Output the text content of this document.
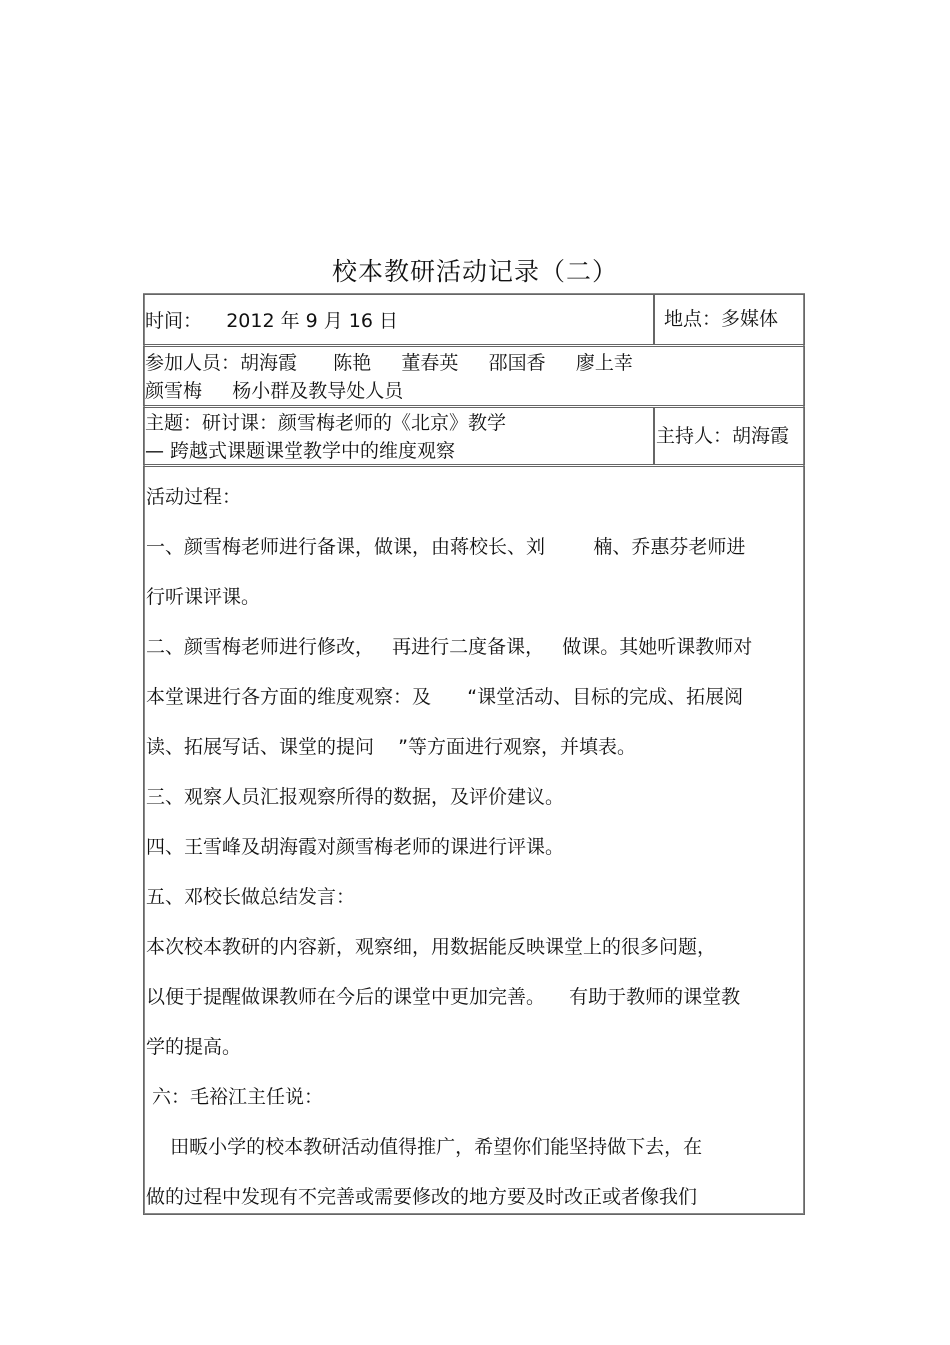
校本教研活动记录（二）
时间： 2012 年 9 月 16 日	地点：多媒体
参加人员：胡海霞      陈艳     董春英     邵国香     廖上幸
颜雪梅     杨小群及教导处人员
主题：研讨课：颜雪梅老师的《北京》教学
— 跨越式课题课堂教学中的维度观察
主持人：胡海霞
活动过程：
一、颜雪梅老师进行备课，做课，由蒋校长、刘        楠、乔惠芬老师进
行听课评课。
二、颜雪梅老师进行修改，   再进行二度备课，   做课。其她听课教师对
本堂课进行各方面的维度观察：及      “课堂活动、目标的完成、拓展阅
读、拓展写话、课堂的提问    ”等方面进行观察，并填表。
三、观察人员汇报观察所得的数据，及评价建议。
四、王雪峰及胡海霞对颜雪梅老师的课进行评课。
五、邓校长做总结发言：
本次校本教研的内容新，观察细，用数据能反映课堂上的很多问题，
以便于提醒做课教师在今后的课堂中更加完善。    有助于教师的课堂教
学的提高。
六：毛裕江主任说：
田畈小学的校本教研活动值得推广，希望你们能坚持做下去，在
做的过程中发现有不完善或需要修改的地方要及时改正或者像我们
